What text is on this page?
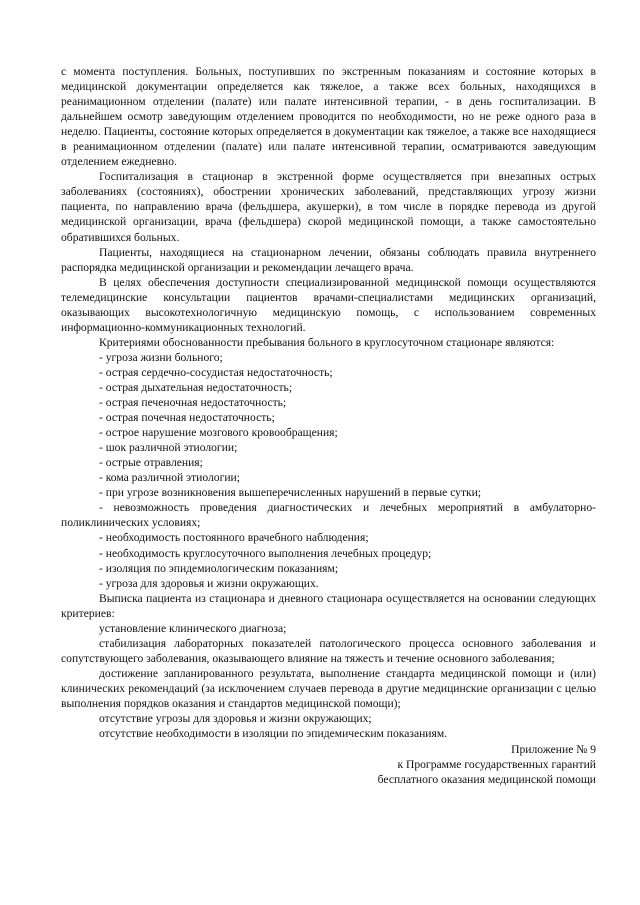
с момента поступления. Больных, поступивших по экстренным показаниям и состояние которых в медицинской документации определяется как тяжелое, а также всех больных, находящихся в реанимационном отделении (палате) или палате интенсивной терапии, - в день госпитализации. В дальнейшем осмотр заведующим отделением проводится по необходимости, но не реже одного раза в неделю. Пациенты, состояние которых определяется в документации как тяжелое, а также все находящиеся в реанимационном отделении (палате) или палате интенсивной терапии, осматриваются заведующим отделением ежедневно.

Госпитализация в стационар в экстренной форме осуществляется при внезапных острых заболеваниях (состояниях), обострении хронических заболеваний, представляющих угрозу жизни пациента, по направлению врача (фельдшера, акушерки), в том числе в порядке перевода из другой медицинской организации, врача (фельдшера) скорой медицинской помощи, а также самостоятельно обратившихся больных.

Пациенты, находящиеся на стационарном лечении, обязаны соблюдать правила внутреннего распорядка медицинской организации и рекомендации лечащего врача.

В целях обеспечения доступности специализированной медицинской помощи осуществляются телемедицинские консультации пациентов врачами-специалистами медицинских организаций, оказывающих высокотехнологичную медицинскую помощь, с использованием современных информационно-коммуникационных технологий.

Критериями обоснованности пребывания больного в круглосуточном стационаре являются:

- угроза жизни больного;

- острая сердечно-сосудистая недостаточность;

- острая дыхательная недостаточность;

- острая печеночная недостаточность;

- острая почечная недостаточность;

- острое нарушение мозгового кровообращения;

- шок различной этиологии;

- острые отравления;

- кома различной этиологии;

- при угрозе возникновения вышеперечисленных нарушений в первые сутки;

- невозможность проведения диагностических и лечебных мероприятий в амбулаторно-поликлинических условиях;

- необходимость постоянного врачебного наблюдения;

- необходимость круглосуточного выполнения лечебных процедур;

- изоляция по эпидемиологическим показаниям;

- угроза для здоровья и жизни окружающих.

Выписка пациента из стационара и дневного стационара осуществляется на основании следующих критериев:

установление клинического диагноза;

стабилизация лабораторных показателей патологического процесса основного заболевания и сопутствующего заболевания, оказывающего влияние на тяжесть и течение основного заболевания;

достижение запланированного результата, выполнение стандарта медицинской помощи и (или) клинических рекомендаций (за исключением случаев перевода в другие медицинские организации с целью выполнения порядков оказания и стандартов медицинской помощи);

отсутствие угрозы для здоровья и жизни окружающих;

отсутствие необходимости в изоляции по эпидемическим показаниям.

Приложение № 9
к Программе государственных гарантий
бесплатного оказания медицинской помощи
